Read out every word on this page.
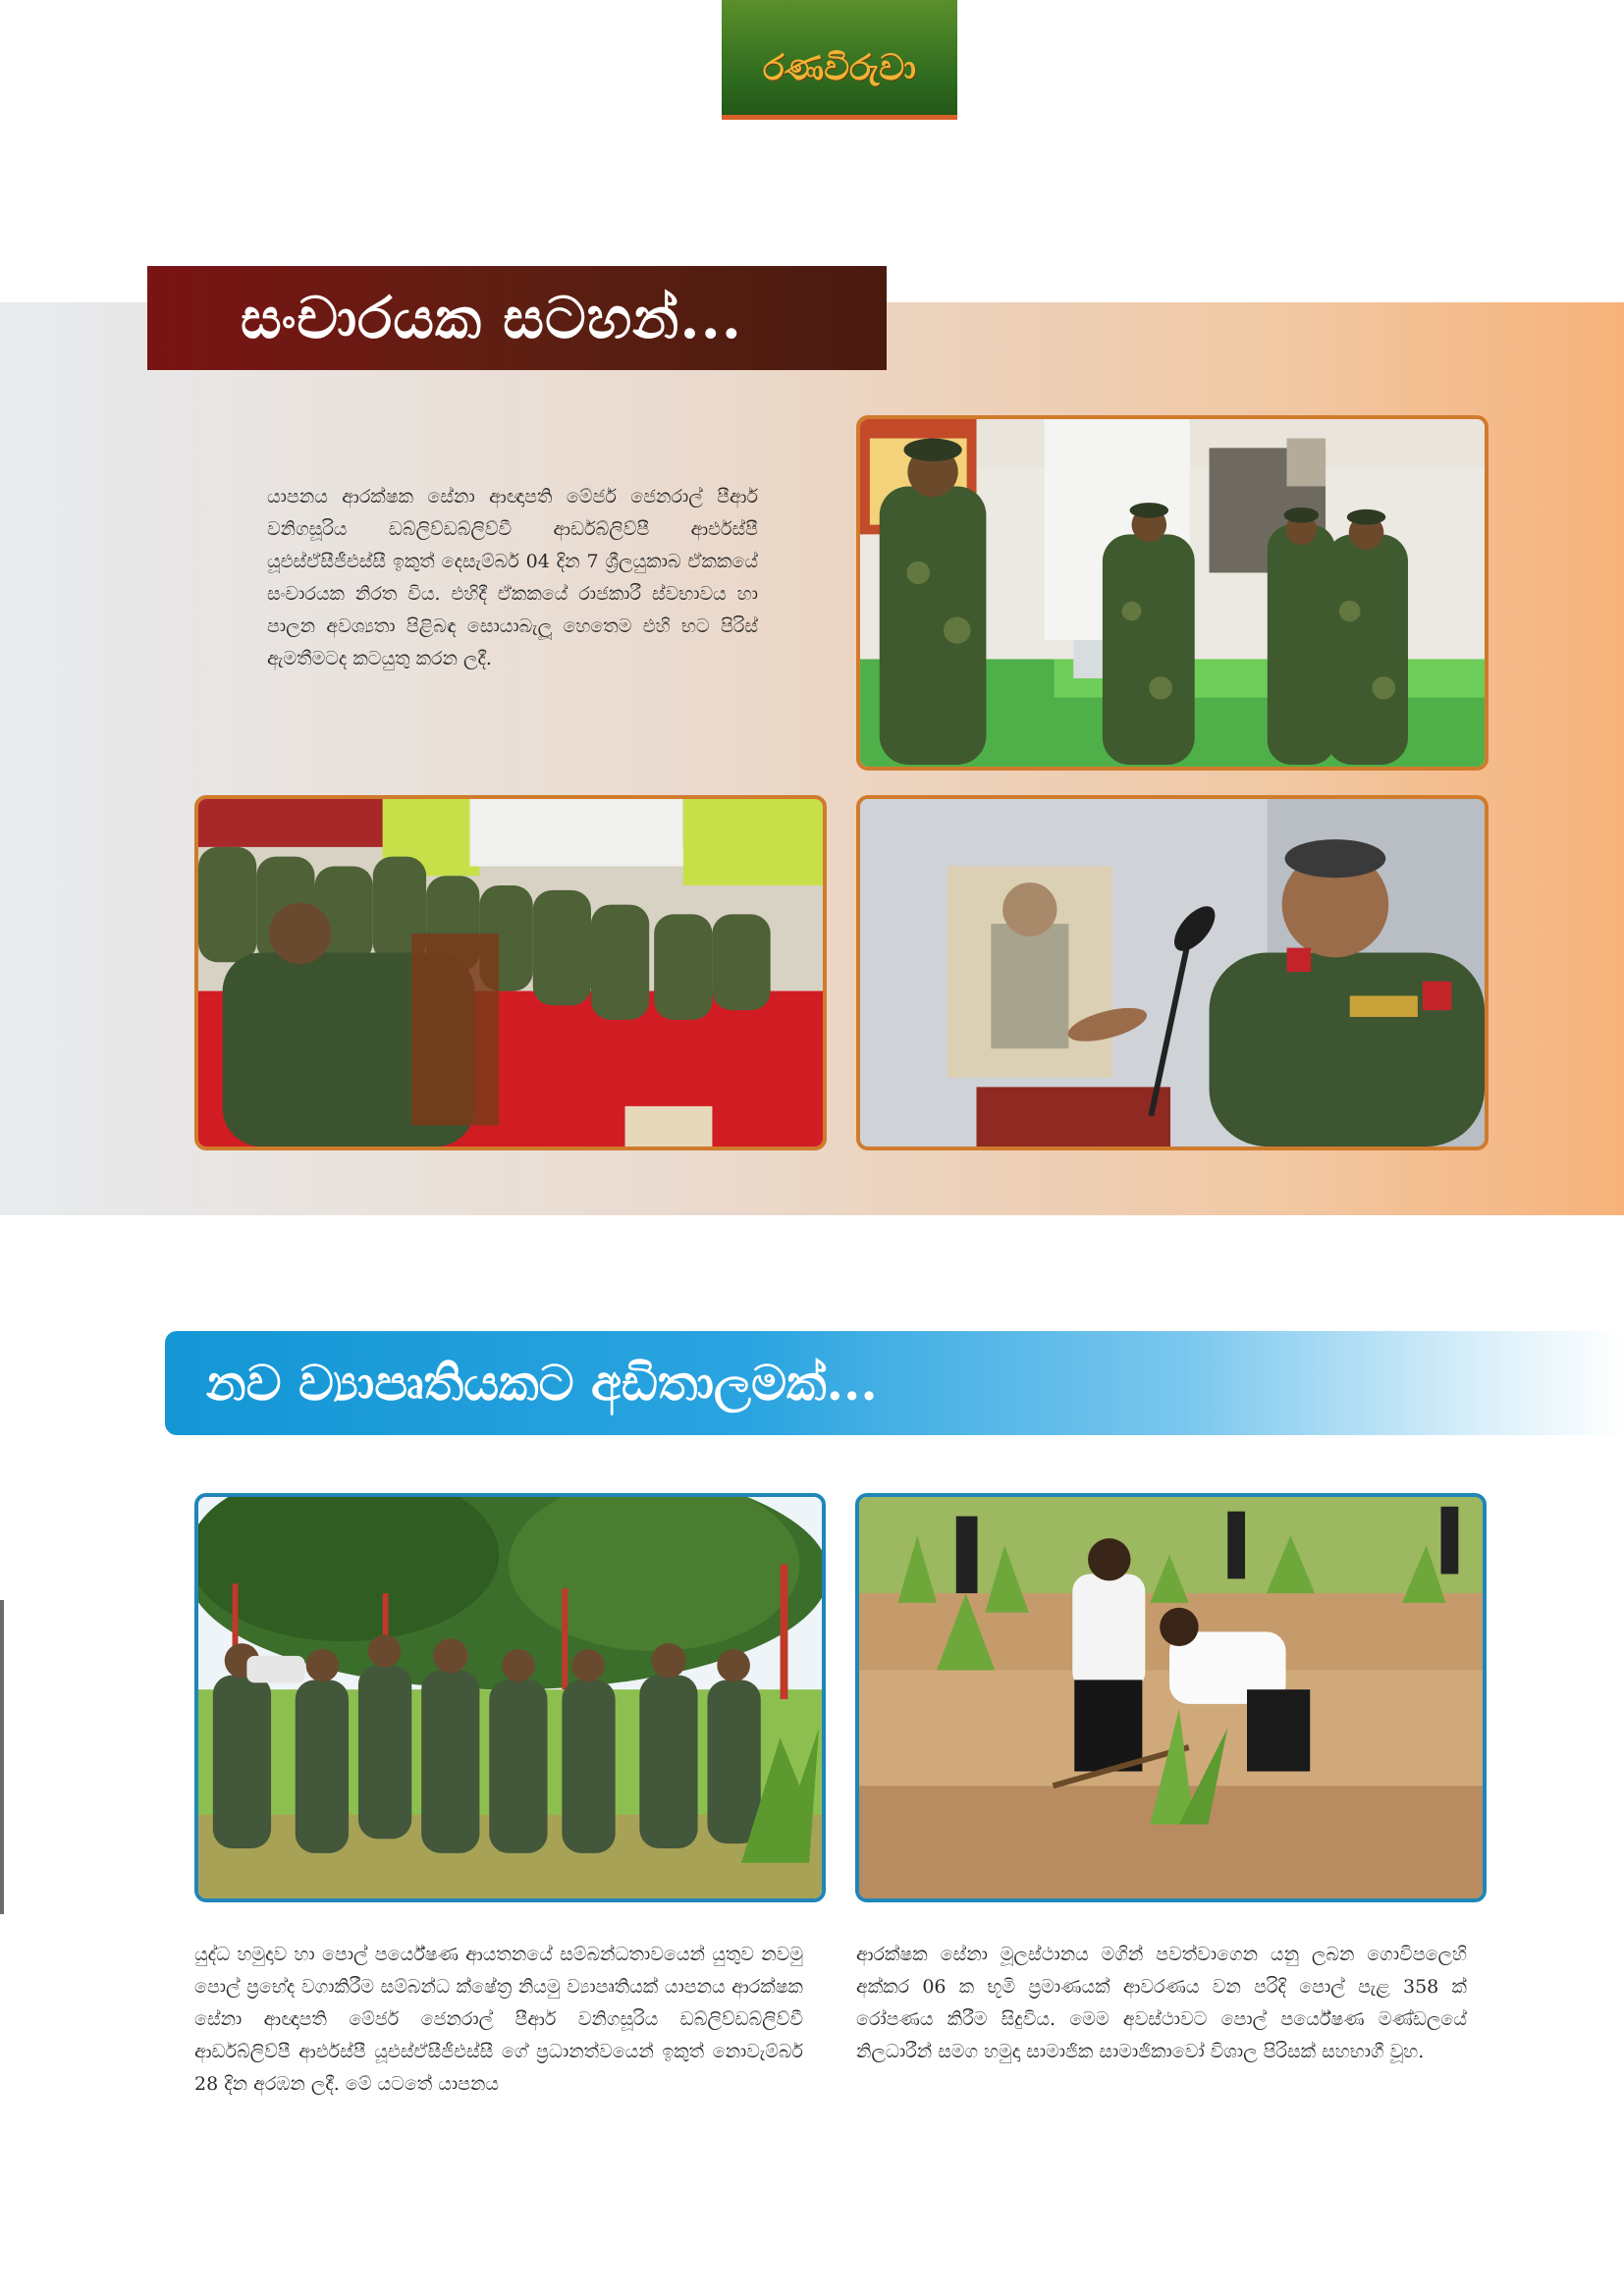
රණවිරුවා
සංචාරයක සටහන්...
යාපනය ආරක්ෂක සේනා ආඥාපති මේජර් ජෙනරාල් පීආර් වනිගසූරිය ඩබ්ලිව්ඩබ්ලිව්වී ආර්ඩබ්ලිව්පී ආර්එස්පී යූඑස්ඒසීජීඑස්සී ඉකුත් දෙසැම්බර් 04 දින 7 ශ්‍රීලයුකාබ ඒකකයේ සංචාරයක නිරත විය. එහිදී ඒකකයේ රාජකාරී ස්වභාවය හා පාලන අවශ්‍යතා පිළිබඳ සොයාබැලූ හෙතෙම එහි භට පිරිස් ඇමතීමටද කටයුතු කරන ලදී.
නව ව්‍යාපෘතියකට අඩිතාලමක්...
යුද්ධ හමුදාව හා පොල් පර්යේෂණ ආයතනයේ සම්බන්ධතාවයෙන් යුතුව නවමු පොල් ප්‍රභේද වගාකිරීම සම්බන්ධ ක්ෂේත්‍ර නියමු ව්‍යාපෘතියක් යාපනය ආරක්ෂක සේනා ආඥාපති මේජර් ජෙනරාල් පීආර් වනිගසූරිය ඩබ්ලිව්ඩබ්ලිව්වී ආර්ඩබ්ලිව්පී ආර්එස්පී යූඑස්ඒසීජීඑස්සී ගේ ප්‍රධානත්වයෙන් ඉකුත් නොවැම්බර් 28 දින අරඹන ලදී. මේ යටතේ යාපනය
ආරක්ෂක සේනා මූලස්ථානය මගින් පවත්වාගෙන යනු ලබන ගොවිපලෙහි අක්කර 06 ක භූමි ප්‍රමාණයක් ආවරණය වන පරිදි පොල් පැළ 358 ක් රෝපණය කිරීම සිදුවිය. මෙම අවස්ථාවට පොල් පර්යේෂණ මණ්ඩලයේ නිලධාරීන් සමග හමුදා සාමාජික සාමාජිකාවෝ විශාල පිරිසක් සහභාගී වූහ.
